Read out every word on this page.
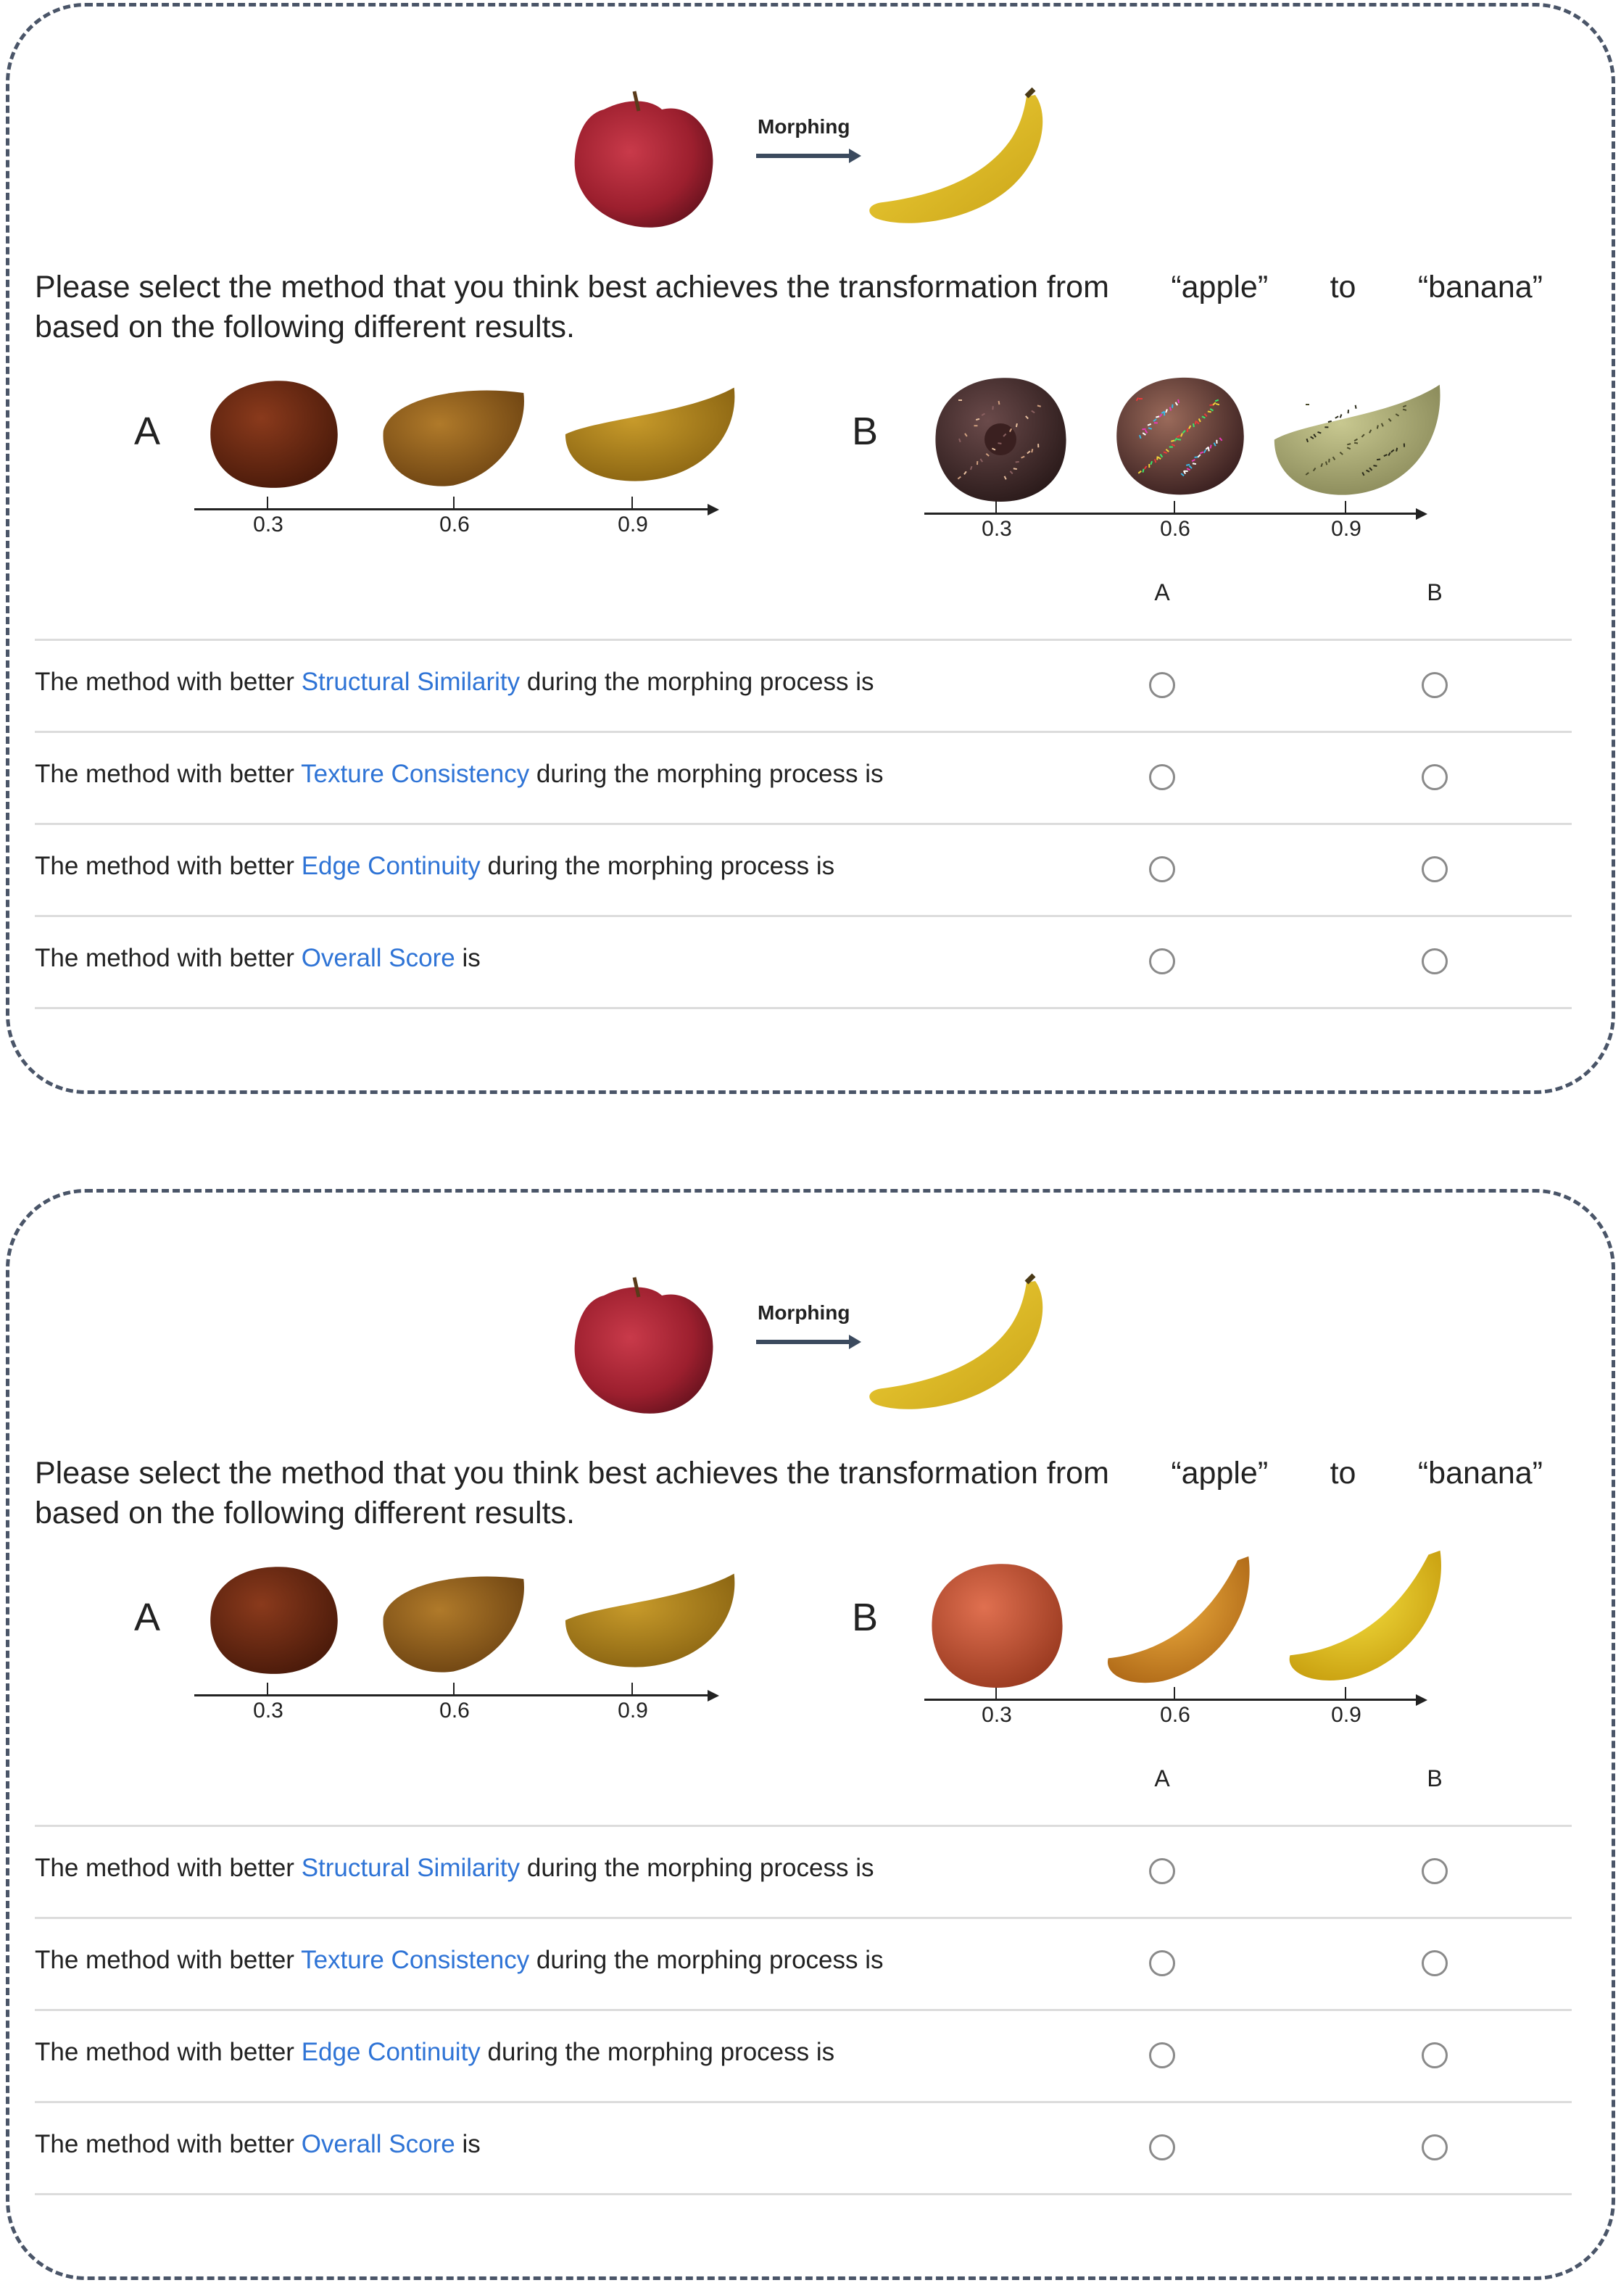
Morphing
Please select the method that you think best achieves the transformation from “apple” to “banana”
based on the following different results.
A
0.3	0.6	0.9
B
0.3	0.6	0.9
A	B
The method with better Structural Similarity during the morphing process is
The method with better Texture Consistency during the morphing process is
The method with better Edge Continuity during the morphing process is
The method with better Overall Score is
Morphing
Please select the method that you think best achieves the transformation from “apple” to “banana”
based on the following different results.
A
0.3	0.6	0.9
B
0.3	0.6	0.9
A	B
The method with better Structural Similarity during the morphing process is
The method with better Texture Consistency during the morphing process is
The method with better Edge Continuity during the morphing process is
The method with better Overall Score is
